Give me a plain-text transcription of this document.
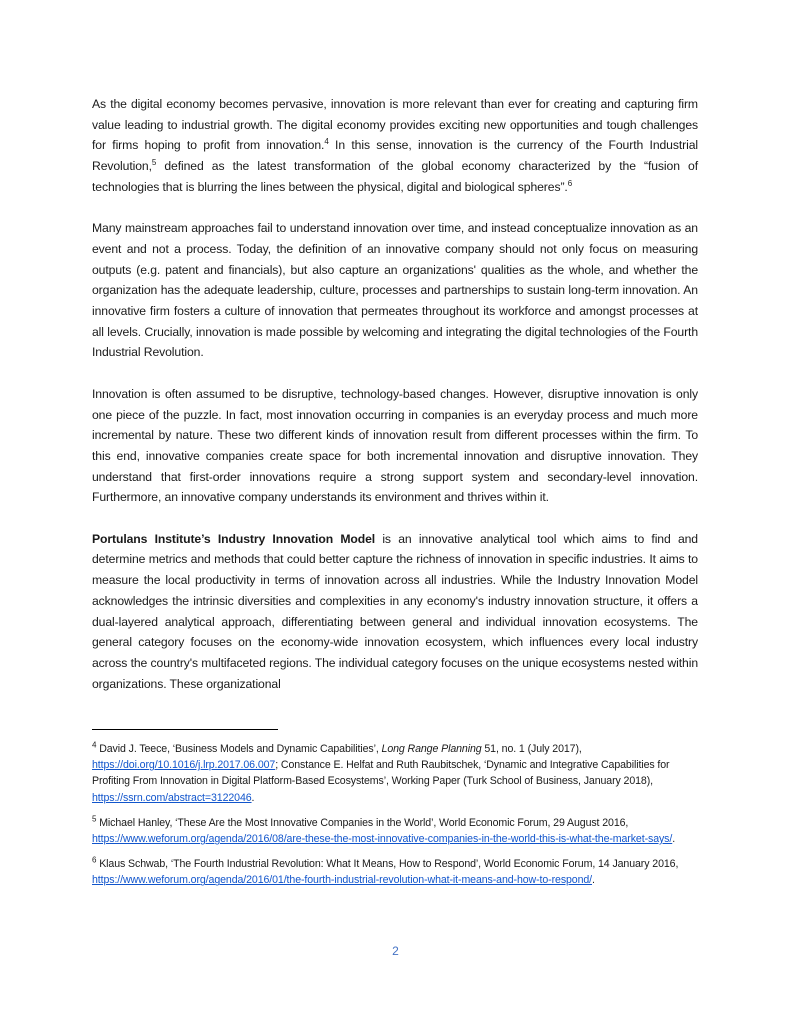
As the digital economy becomes pervasive, innovation is more relevant than ever for creating and capturing firm value leading to industrial growth. The digital economy provides exciting new opportunities and tough challenges for firms hoping to profit from innovation.$^4$ In this sense, innovation is the currency of the Fourth Industrial Revolution,$^5$ defined as the latest transformation of the global economy characterized by the “fusion of technologies that is blurring the lines between the physical, digital and biological spheres”.$^6$

Many mainstream approaches fail to understand innovation over time, and instead conceptualize innovation as an event and not a process. Today, the definition of an innovative company should not only focus on measuring outputs (e.g. patent and financials), but also capture an organizations' qualities as the whole, and whether the organization has the adequate leadership, culture, processes and partnerships to sustain long-term innovation. An innovative firm fosters a culture of innovation that permeates throughout its workforce and amongst processes at all levels. Crucially, innovation is made possible by welcoming and integrating the digital technologies of the Fourth Industrial Revolution.

Innovation is often assumed to be disruptive, technology-based changes. However, disruptive innovation is only one piece of the puzzle. In fact, most innovation occurring in companies is an everyday process and much more incremental by nature. These two different kinds of innovation result from different processes within the firm. To this end, innovative companies create space for both incremental innovation and disruptive innovation. They understand that first-order innovations require a strong support system and secondary-level innovation. Furthermore, an innovative company understands its environment and thrives within it.

Portulans Institute’s Industry Innovation Model is an innovative analytical tool which aims to find and determine metrics and methods that could better capture the richness of innovation in specific industries. It aims to measure the local productivity in terms of innovation across all industries. While the Industry Innovation Model acknowledges the intrinsic diversities and complexities in any economy's industry innovation structure, it offers a dual-layered analytical approach, differentiating between general and individual innovation ecosystems. The general category focuses on the economy-wide innovation ecosystem, which influences every local industry across the country's multifaceted regions. The individual category focuses on the unique ecosystems nested within organizations. These organizational

$^4$ David J. Teece, ‘Business Models and Dynamic Capabilities’, Long Range Planning 51, no. 1 (July 2017), https://doi.org/10.1016/j.lrp.2017.06.007; Constance E. Helfat and Ruth Raubitschek, ‘Dynamic and Integrative Capabilities for Profiting From Innovation in Digital Platform-Based Ecosystems’, Working Paper (Turk School of Business, January 2018), https://ssrn.com/abstract=3122046.

$^5$ Michael Hanley, ‘These Are the Most Innovative Companies in the World’, World Economic Forum, 29 August 2016, https://www.weforum.org/agenda/2016/08/are-these-the-most-innovative-companies-in-the-world-this-is-what-the-market-says/.

$^6$ Klaus Schwab, ‘The Fourth Industrial Revolution: What It Means, How to Respond’, World Economic Forum, 14 January 2016, https://www.weforum.org/agenda/2016/01/the-fourth-industrial-revolution-what-it-means-and-how-to-respond/.

2
